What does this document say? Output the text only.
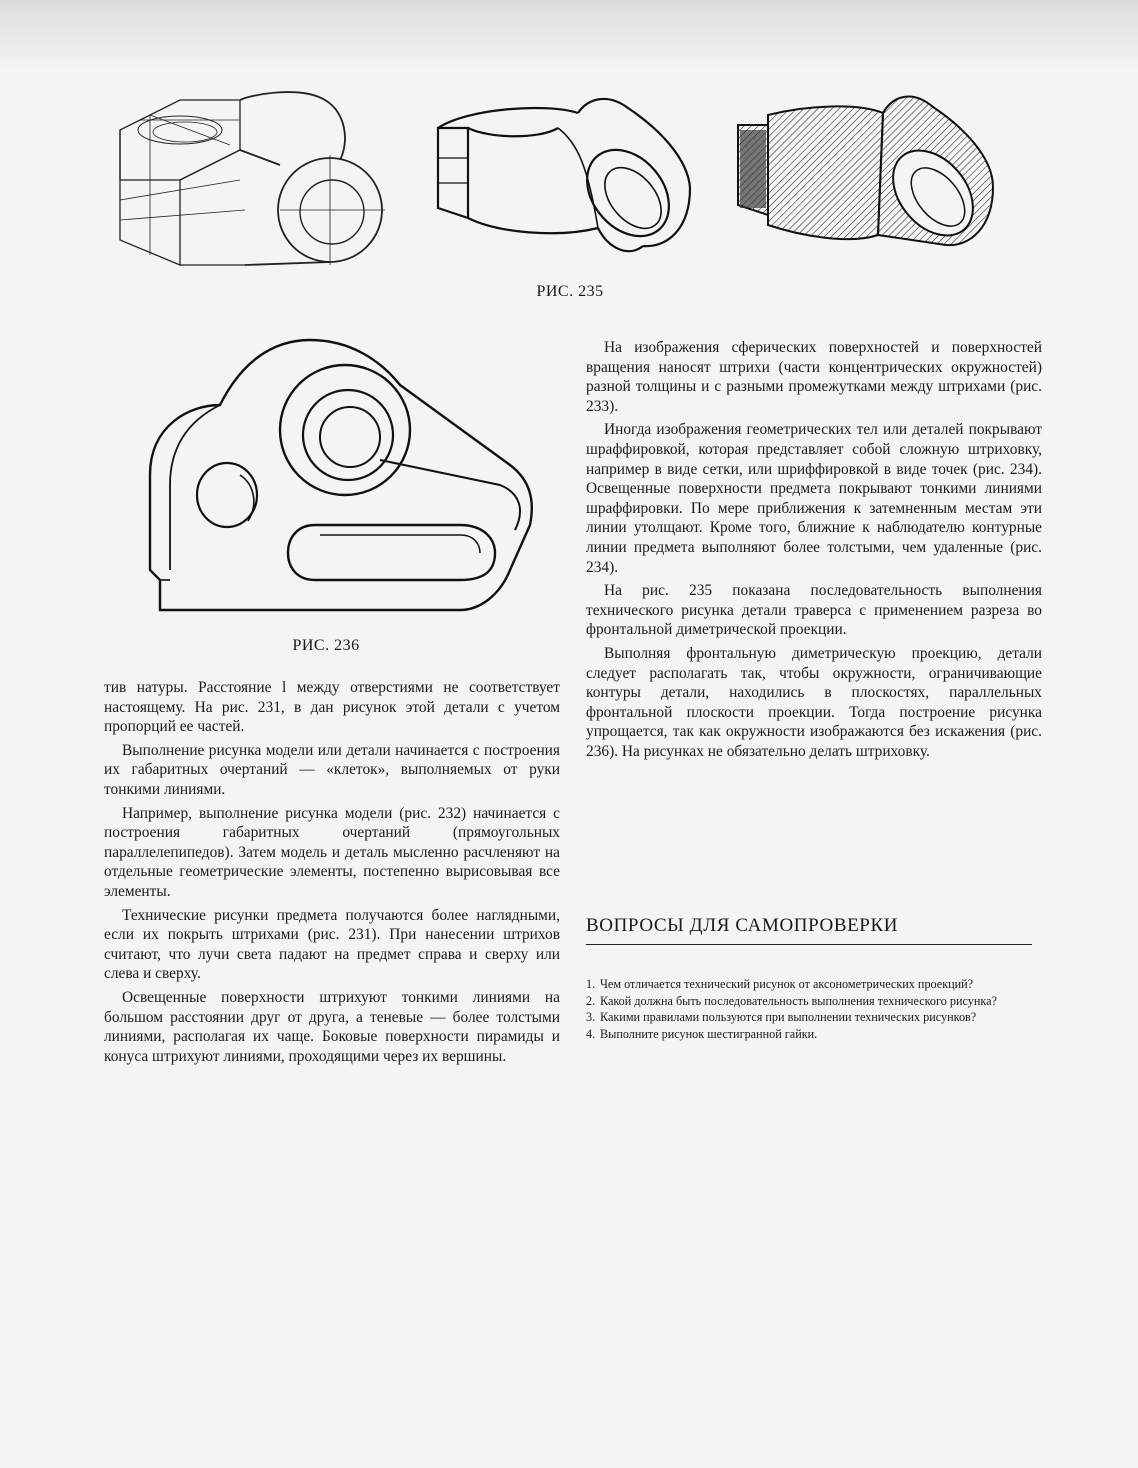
РИС. 235
РИС. 236

тив натуры. Расстояние l между отверстиями не соответствует настоящему. На рис. 231, в дан рисунок этой детали с учетом пропорций ее частей.

Выполнение рисунка модели или детали начинается с построения их габаритных очертаний — «клеток», выполняемых от руки тонкими линиями.

Например, выполнение рисунка модели (рис. 232) начинается с построения габаритных очертаний (прямоугольных параллелепипедов). Затем модель и деталь мысленно расчленяют на отдельные геометрические элементы, постепенно вырисовывая все элементы.

Технические рисунки предмета получаются более наглядными, если их покрыть штрихами (рис. 231). При нанесении штрихов считают, что лучи света падают на предмет справа и сверху или слева и сверху.

Освещенные поверхности штрихуют тонкими линиями на большом расстоянии друг от друга, а теневые — более толстыми линиями, располагая их чаще. Боковые поверхности пирамиды и конуса штрихуют линиями, проходящими через их вершины.

На изображения сферических поверхностей и поверхностей вращения наносят штрихи (части концентрических окружностей) разной толщины и с разными промежутками между штрихами (рис. 233).

Иногда изображения геометрических тел или деталей покрывают шраффировкой, которая представляет собой сложную штриховку, например в виде сетки, или шриффировкой в виде точек (рис. 234). Освещенные поверхности предмета покрывают тонкими линиями шраффировки. По мере приближения к затемненным местам эти линии утолщают. Кроме того, ближние к наблюдателю контурные линии предмета выполняют более толстыми, чем удаленные (рис. 234).

На рис. 235 показана последовательность выполнения технического рисунка детали траверса с применением разреза во фронтальной диметрической проекции.

Выполняя фронтальную диметрическую проекцию, детали следует располагать так, чтобы окружности, ограничивающие контуры детали, находились в плоскостях, параллельных фронтальной плоскости проекции. Тогда построение рисунка упрощается, так как окружности изображаются без искажения (рис. 236). На рисунках не обязательно делать штриховку.

ВОПРОСЫ ДЛЯ САМОПРОВЕРКИ
1. Чем отличается технический рисунок от аксонометрических проекций?
2. Какой должна быть последовательность выполнения технического рисунка?
3. Какими правилами пользуются при выполнении технических рисунков?
4. Выполните рисунок шестигранной гайки.
